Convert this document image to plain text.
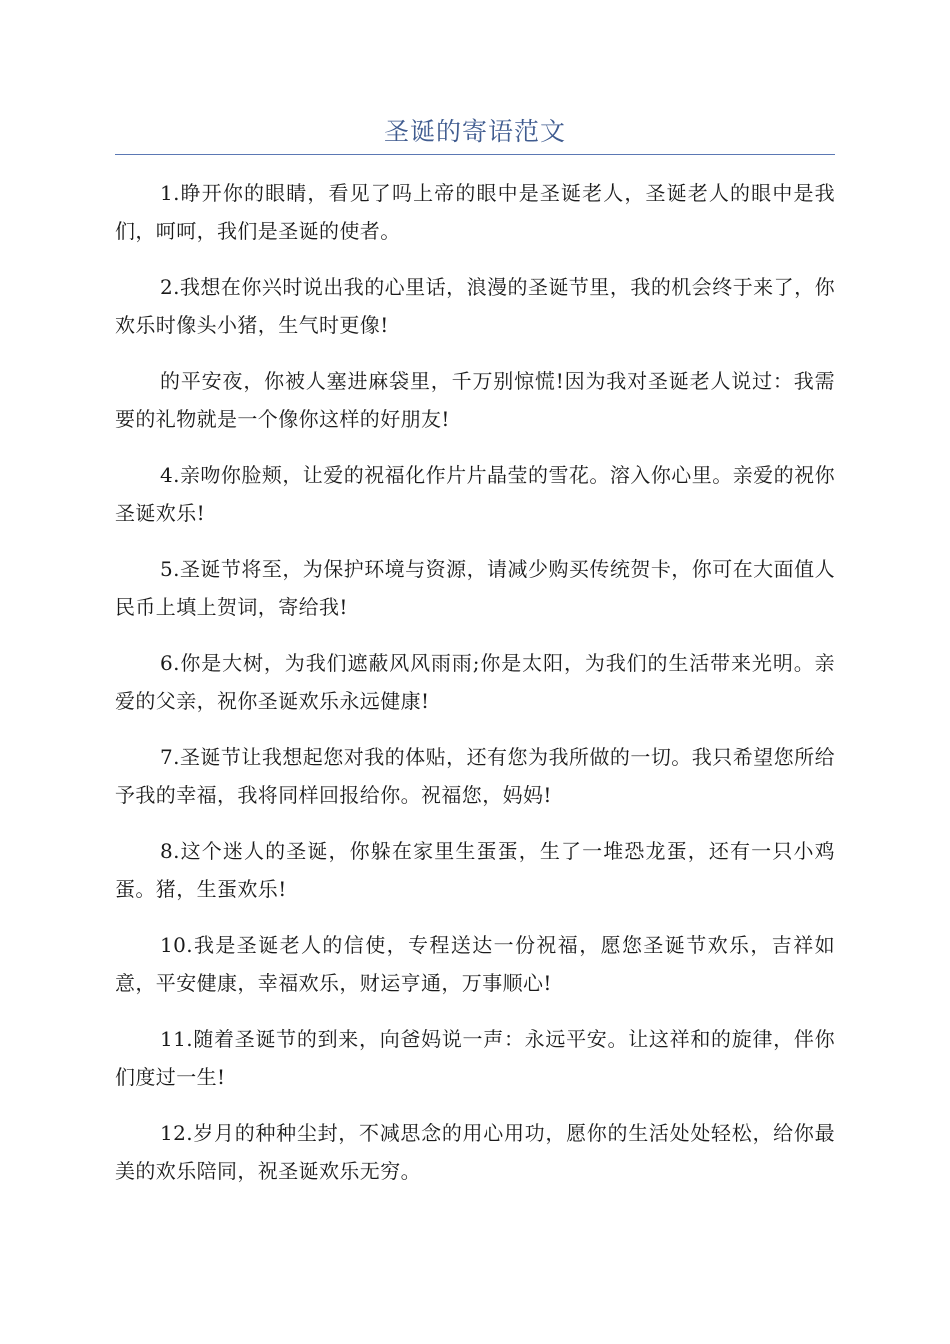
圣诞的寄语范文

1.睁开你的眼睛，看见了吗上帝的眼中是圣诞老人，圣诞老人的眼中是我们，呵呵，我们是圣诞的使者。

2.我想在你兴时说出我的心里话，浪漫的圣诞节里，我的机会终于来了，你欢乐时像头小猪，生气时更像!

的平安夜，你被人塞进麻袋里，千万别惊慌!因为我对圣诞老人说过：我需要的礼物就是一个像你这样的好朋友!

4.亲吻你脸颊，让爱的祝福化作片片晶莹的雪花。溶入你心里。亲爱的祝你圣诞欢乐!

5.圣诞节将至，为保护环境与资源，请减少购买传统贺卡，你可在大面值人民币上填上贺词，寄给我!

6.你是大树，为我们遮蔽风风雨雨;你是太阳，为我们的生活带来光明。亲爱的父亲，祝你圣诞欢乐永远健康!

7.圣诞节让我想起您对我的体贴，还有您为我所做的一切。我只希望您所给予我的幸福，我将同样回报给你。祝福您，妈妈!

8.这个迷人的圣诞，你躲在家里生蛋蛋，生了一堆恐龙蛋，还有一只小鸡蛋。猪，生蛋欢乐!

10.我是圣诞老人的信使，专程送达一份祝福，愿您圣诞节欢乐，吉祥如意，平安健康，幸福欢乐，财运亨通，万事顺心!

11.随着圣诞节的到来，向爸妈说一声：永远平安。让这祥和的旋律，伴你们度过一生!

12.岁月的种种尘封，不减思念的用心用功，愿你的生活处处轻松，给你最美的欢乐陪同，祝圣诞欢乐无穷。
